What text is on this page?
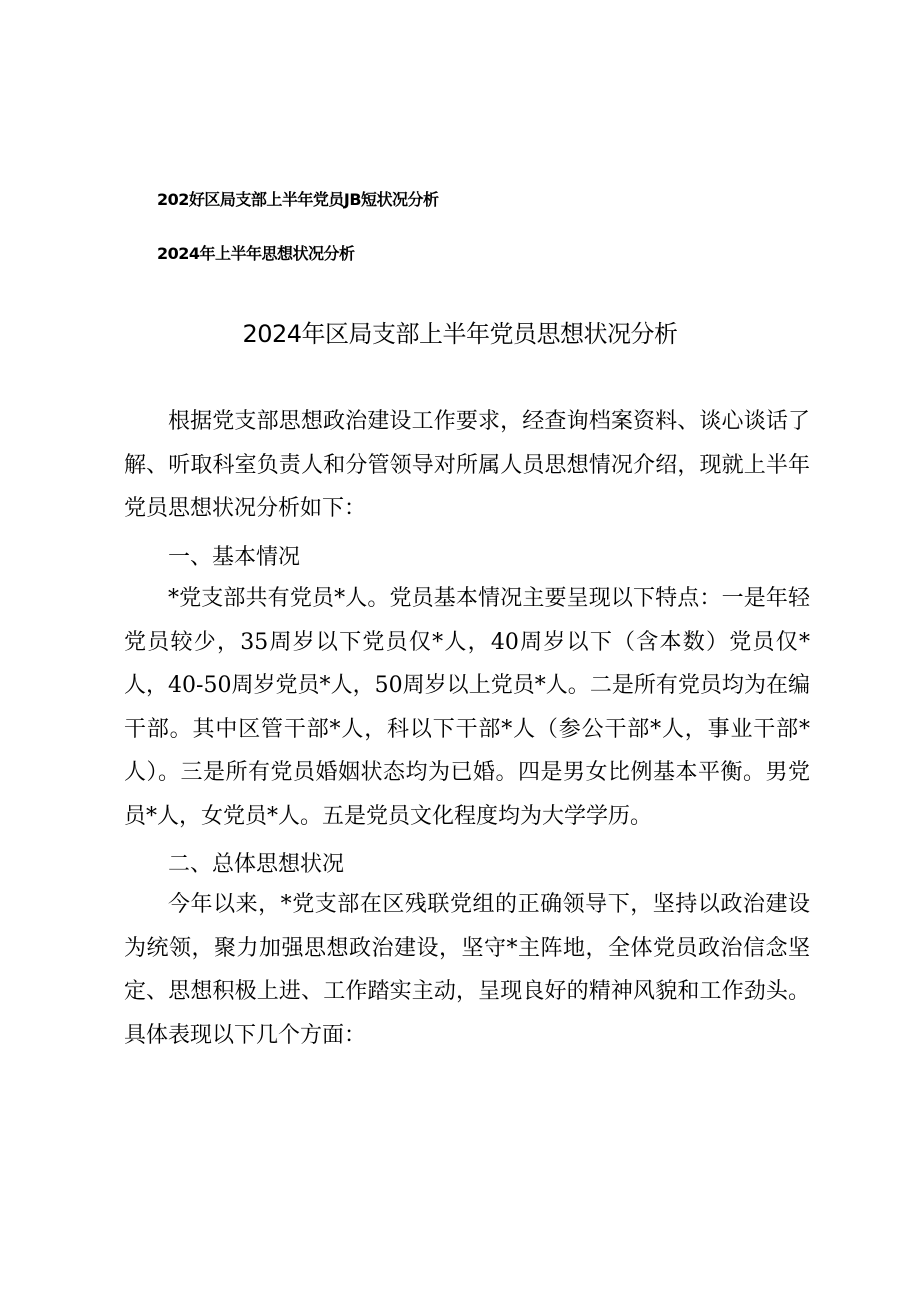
202好区局支部上半年党员JB短状况分析
2024年上半年思想状况分析
2024年区局支部上半年党员思想状况分析

根据党支部思想政治建设工作要求，经查询档案资料、谈心谈话了解、听取科室负责人和分管领导对所属人员思想情况介绍，现就上半年党员思想状况分析如下：

一、基本情况

*党支部共有党员*人。党员基本情况主要呈现以下特点：一是年轻党员较少，35周岁以下党员仅*人，40周岁以下（含本数）党员仅*人，40-50周岁党员*人，50周岁以上党员*人。二是所有党员均为在编干部。其中区管干部*人，科以下干部*人（参公干部*人，事业干部*人）。三是所有党员婚姻状态均为已婚。四是男女比例基本平衡。男党员*人，女党员*人。五是党员文化程度均为大学学历。

二、总体思想状况

今年以来，*党支部在区残联党组的正确领导下，坚持以政治建设为统领，聚力加强思想政治建设，坚守*主阵地，全体党员政治信念坚定、思想积极上进、工作踏实主动，呈现良好的精神风貌和工作劲头。具体表现以下几个方面：
